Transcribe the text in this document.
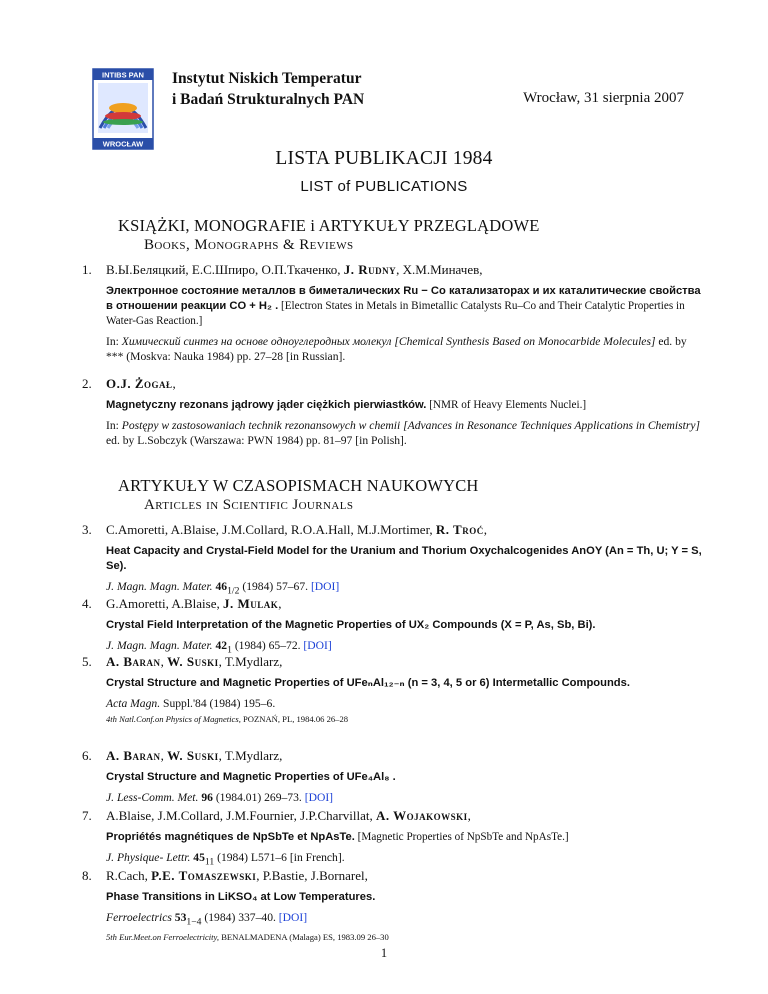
INTIBS PAN
WROCŁAW
Instytut Niskich Temperatur
i Badań Strukturalnych PAN	Wrocław, 31 sierpnia 2007
LISTA PUBLIKACJI 1984
LIST of PUBLICATIONS
KSIĄŻKI, MONOGRAFIE i ARTYKUŁY PRZEGLĄDOWE
Books, Monographs & Reviews
1. В.Ы.Беляцкий, Е.С.Шпиро, О.П.Ткаченко, J. Rudny, Х.М.Миначев,
Электронное состояние металлов в биметалических Ru − Co катализаторах и их каталитические свойства в отношении реакции CO + H₂ . [Electron States in Metals in Bimetallic Catalysts Ru–Co and Their Catalytic Properties in Water-Gas Reaction.]
In: Химический синтез на основе одноуглеродных молекул [Chemical Synthesis Based on Monocarbide Molecules] ed. by *** (Moskva: Nauka 1984) pp. 27–28 [in Russian].
2. O.J. Żogał,
Magnetyczny rezonans jądrowy jąder ciężkich pierwiastków. [NMR of Heavy Elements Nuclei.]
In: Postępy w zastosowaniach technik rezonansowych w chemii [Advances in Resonance Techniques Applications in Chemistry] ed. by L.Sobczyk (Warszawa: PWN 1984) pp. 81–97 [in Polish].
ARTYKUŁY W CZASOPISMACH NAUKOWYCH
Articles in Scientific Journals
3. C.Amoretti, A.Blaise, J.M.Collard, R.O.A.Hall, M.J.Mortimer, R. Troć,
Heat Capacity and Crystal-Field Model for the Uranium and Thorium Oxychalcogenides AnOY (An = Th, U; Y = S, Se).
J. Magn. Magn. Mater. $46_{1/2}$ (1984) 57–67. [DOI]
4. G.Amoretti, A.Blaise, J. Mulak,
Crystal Field Interpretation of the Magnetic Properties of UX₂ Compounds (X = P, As, Sb, Bi).
J. Magn. Magn. Mater. $42_1$ (1984) 65–72. [DOI]
5. A. Baran, W. Suski, T.Mydlarz,
Crystal Structure and Magnetic Properties of UFeₙAl₁₂₋ₙ (n = 3, 4, 5 or 6) Intermetallic Compounds.
Acta Magn. Suppl.'84 (1984) 195–6.
4th Natl.Conf.on Physics of Magnetics, POZNAŃ, PL, 1984.06 26–28
6. A. Baran, W. Suski, T.Mydlarz,
Crystal Structure and Magnetic Properties of UFe₄Al₈ .
J. Less-Comm. Met. 96 (1984.01) 269–73. [DOI]
7. A.Blaise, J.M.Collard, J.M.Fournier, J.P.Charvillat, A. Wojakowski,
Propriétés magnétiques de NpSbTe et NpAsTe. [Magnetic Properties of NpSbTe and NpAsTe.]
J. Physique- Lettr. $45_{11}$ (1984) L571–6 [in French].
8. R.Cach, P.E. Tomaszewski, P.Bastie, J.Bornarel,
Phase Transitions in LiKSO₄ at Low Temperatures.
Ferroelectrics $53_{1-4}$ (1984) 337–40. [DOI]
5th Eur.Meet.on Ferroelectricity, BENALMADENA (Malaga) ES, 1983.09 26–30
1
